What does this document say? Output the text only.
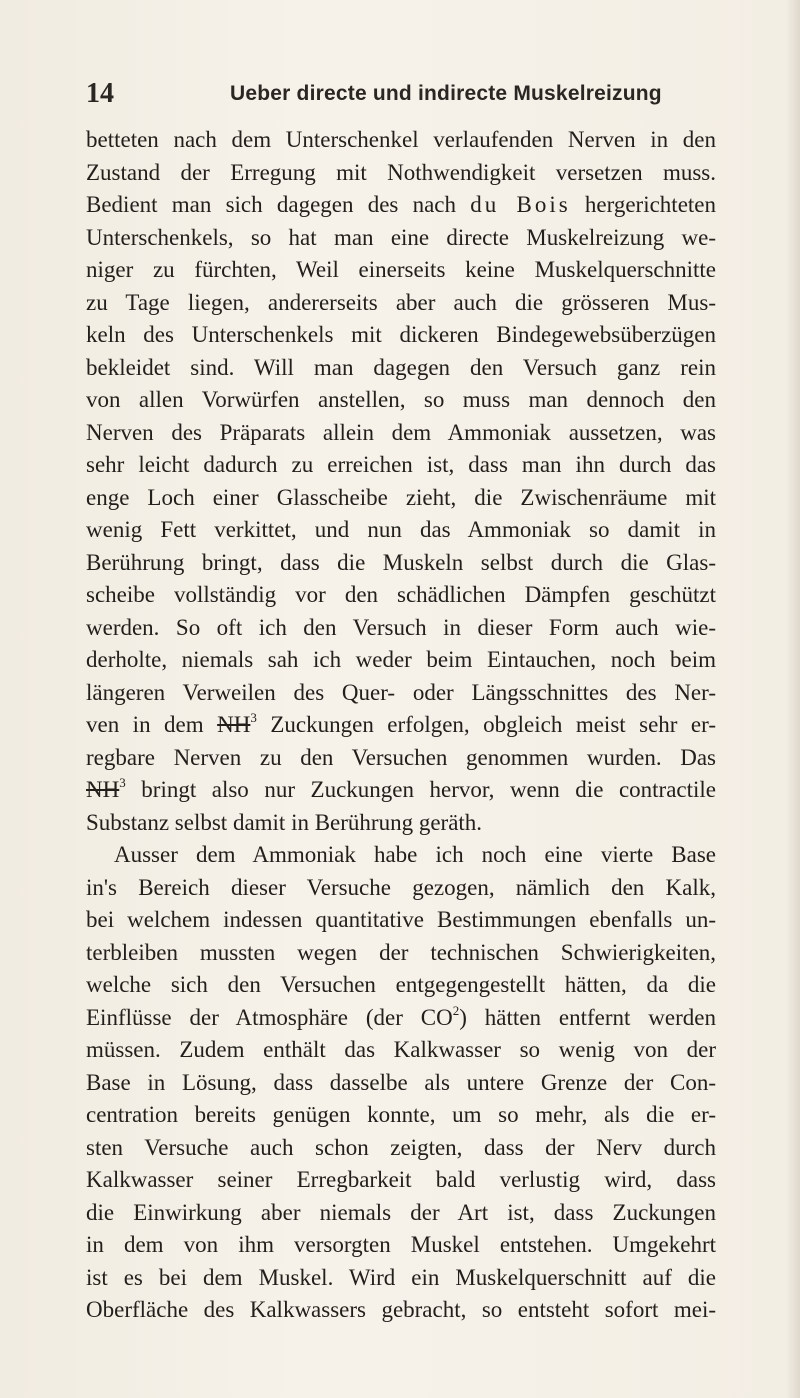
14	Ueber directe und indirecte Muskelreizung
betteten nach dem Unterschenkel verlaufenden Nerven in den
Zustand der Erregung mit Nothwendigkeit versetzen muss.
Bedient man sich dagegen des nach du Bois hergerichteten
Unterschenkels, so hat man eine directe Muskelreizung we-
niger zu fürchten, Weil einerseits keine Muskelquerschnitte
zu Tage liegen, andererseits aber auch die grösseren Mus-
keln des Unterschenkels mit dickeren Bindegewebsüberzügen
bekleidet sind. Will man dagegen den Versuch ganz rein
von allen Vorwürfen anstellen, so muss man dennoch den
Nerven des Präparats allein dem Ammoniak aussetzen, was
sehr leicht dadurch zu erreichen ist, dass man ihn durch das
enge Loch einer Glasscheibe zieht, die Zwischenräume mit
wenig Fett verkittet, und nun das Ammoniak so damit in
Berührung bringt, dass die Muskeln selbst durch die Glas-
scheibe vollständig vor den schädlichen Dämpfen geschützt
werden. So oft ich den Versuch in dieser Form auch wie-
derholte, niemals sah ich weder beim Eintauchen, noch beim
längeren Verweilen des Quer- oder Längsschnittes des Ner-
ven in dem $NH^3$ Zuckungen erfolgen, obgleich meist sehr er-
regbare Nerven zu den Versuchen genommen wurden. Das
$NH^3$ bringt also nur Zuckungen hervor, wenn die contractile
Substanz selbst damit in Berührung geräth.
Ausser dem Ammoniak habe ich noch eine vierte Base
in's Bereich dieser Versuche gezogen, nämlich den Kalk,
bei welchem indessen quantitative Bestimmungen ebenfalls un-
terbleiben mussten wegen der technischen Schwierigkeiten,
welche sich den Versuchen entgegengestellt hätten, da die
Einflüsse der Atmosphäre (der $CO^2$) hätten entfernt werden
müssen. Zudem enthält das Kalkwasser so wenig von der
Base in Lösung, dass dasselbe als untere Grenze der Con-
centration bereits genügen konnte, um so mehr, als die er-
sten Versuche auch schon zeigten, dass der Nerv durch
Kalkwasser seiner Erregbarkeit bald verlustig wird, dass
die Einwirkung aber niemals der Art ist, dass Zuckungen
in dem von ihm versorgten Muskel entstehen. Umgekehrt
ist es bei dem Muskel. Wird ein Muskelquerschnitt auf die
Oberfläche des Kalkwassers gebracht, so entsteht sofort mei-
